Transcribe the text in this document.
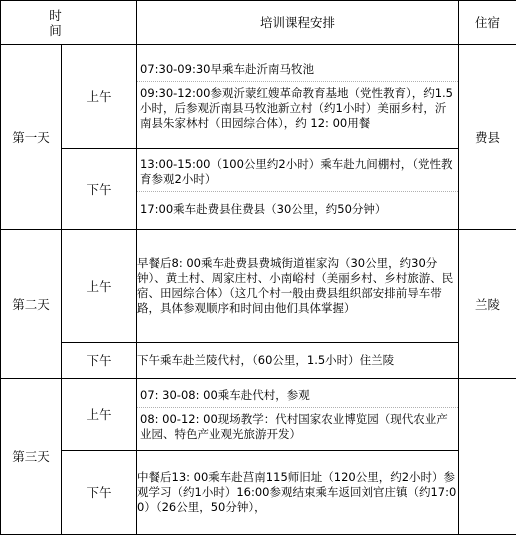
时　　间		培训课程安排	住宿
第一天	上午	07:30-09:30早乘车赴沂南马牧池
09:30-12:00参观沂蒙红嫂革命教育基地（党性教育），约1.5小时，后参观沂南县马牧池新立村（约1小时）美丽乡村，沂南县朱家林村（田园综合体），约 12: 00用餐	费县
	下午	13:00-15:00（100公里约2小时）乘车赴九间棚村，（党性教育参观2小时）
17:00乘车赴费县住费县（30公里，约50分钟）	

第二天	上午	早餐后8: 00乘车赴费县费城街道崔家沟（30公里，约30分钟）、黄土村、周家庄村、小南峪村（美丽乡村、乡村旅游、民宿、田园综合体）（这几个村一般由费县组织部安排前导车带路，具体参观顺序和时间由他们具体掌握）	兰陵
	下午	下午乘车赴兰陵代村，（60公里，1.5小时）住兰陵	

第三天	上午	07: 30-08: 00乘车赴代村，参观
08: 00-12: 00现场教学：代村国家农业博览园（现代农业产业园、特色产业观光旅游开发）	

	下午	中餐后13: 00乘车赴莒南115师旧址（120公里，约2小时）参观学习（约1小时）16:00参观结束乘车返回刘官庄镇（约17:00）（26公里，50分钟），	
